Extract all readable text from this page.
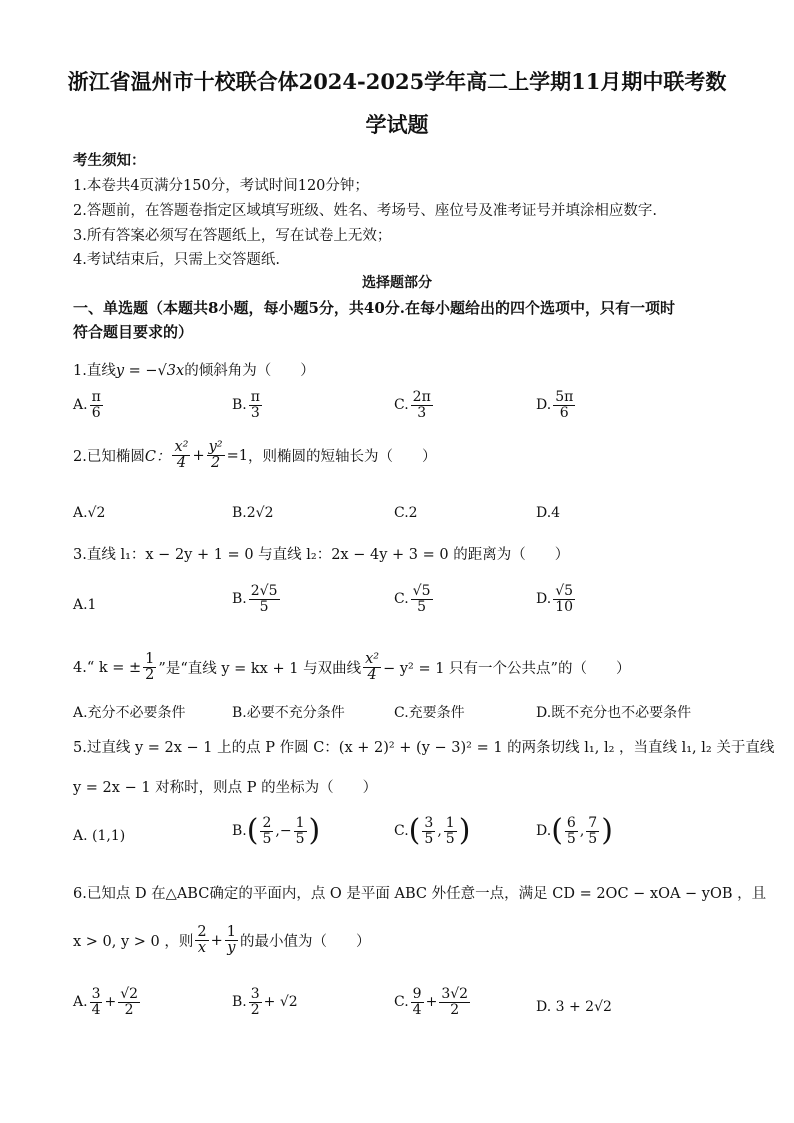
浙江省温州市十校联合体2024-2025学年高二上学期11月期中联考数
学试题
考生须知：
1.本卷共4页满分150分，考试时间120分钟；
2.答题前，在答题卷指定区域填写班级、姓名、考场号、座位号及准考证号并填涂相应数字.
3.所有答案必须写在答题纸上，写在试卷上无效；
4.考试结束后，只需上交答题纸.
选择题部分
一、单选题（本题共8小题，每小题5分，共40分.在每小题给出的四个选项中，只有一项时
符合题目要求的）
1.直线y = −√3x的倾斜角为（　　）
A. $\frac{\pi}{6}$	B. $\frac{\pi}{3}$	C. $\frac{2\pi}{3}$	D. $\frac{5\pi}{6}$
2.已知椭圆 C： $\frac{\text{x²}}{4} + \frac{\text{y²}}{2} =1$ ，则椭圆的短轴长为（　　）
A.√2	B.2√2	C.2	D.4
3.直线 l₁：x − 2y + 1 = 0 与直线 l₂：2x − 4y + 3 = 0 的距离为（　　）
A.1	B. $\frac{2√5}{5}$	C. $\frac{√5}{5}$	D. $\frac{√5}{10}$
4.“ k = ± $\frac{1}{2}$ ”是“直线 y = kx + 1 与双曲线 $\frac{\text{x²}}{4} - y^2 = 1$ 只有一个公共点”的（　　）
A.充分不必要条件	B.必要不充分条件	C.充要条件	D.既不充分也不必要条件
5.过直线 y = 2x − 1 上的点 P 作圆 C：(x + 2)² + (y − 3)² = 1 的两条切线 l₁, l₂ ，当直线 l₁, l₂ 关于直线
y = 2x − 1 对称时，则点 P 的坐标为（　　）
A. (1,1)	B. ( $\frac{2}{5}$ , − $\frac{1}{5}$ )	C. ( $\frac{3}{5}$ , $\frac{1}{5}$ )	D. ( $\frac{6}{5}$ , $\frac{7}{5}$ )
6.已知点 D 在△ABC确定的平面内，点 O 是平面 ABC 外任意一点，满足 CD = 2OC − xOA − yOB ，且
x > 0, y > 0 ，则 $\frac{2}{x} + \frac{1}{y}$ 的最小值为（　　）
A. $\frac{3}{4} + \frac{√2}{2}$	B. $\frac{3}{2} + √2$	C. $\frac{9}{4} + \frac{3√2}{2}$	D. 3 + 2√2
